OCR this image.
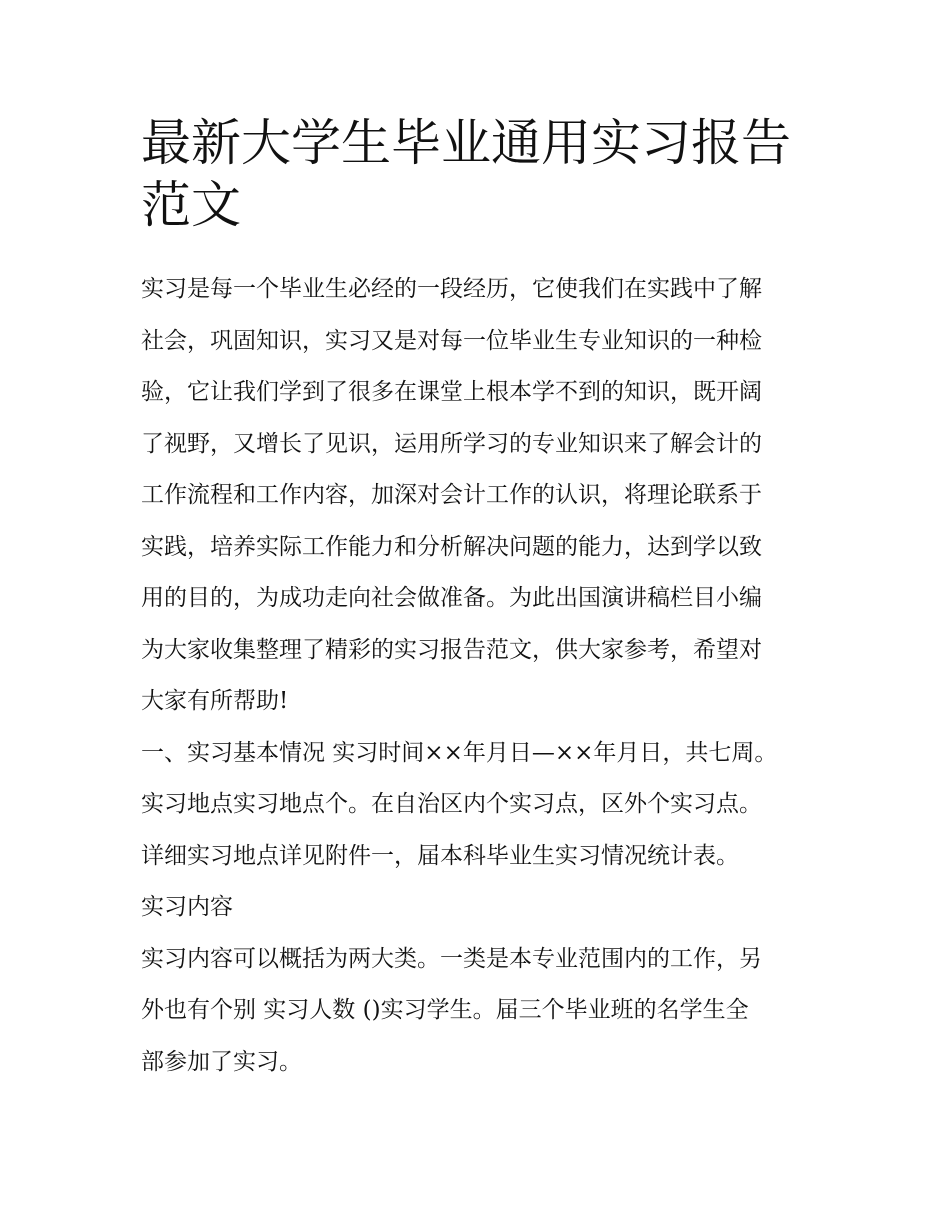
最新大学生毕业通用实习报告
范文

实习是每一个毕业生必经的一段经历，它使我们在实践中了解
社会，巩固知识，实习又是对每一位毕业生专业知识的一种检
验，它让我们学到了很多在课堂上根本学不到的知识，既开阔
了视野，又增长了见识，运用所学习的专业知识来了解会计的
工作流程和工作内容，加深对会计工作的认识，将理论联系于
实践，培养实际工作能力和分析解决问题的能力，达到学以致
用的目的，为成功走向社会做准备。为此出国演讲稿栏目小编
为大家收集整理了精彩的实习报告范文，供大家参考，希望对
大家有所帮助!

一、实习基本情况 实习时间××年月日—××年月日，共七周。
实习地点实习地点个。在自治区内个实习点，区外个实习点。
详细实习地点详见附件一，届本科毕业生实习情况统计表。

实习内容

实习内容可以概括为两大类。一类是本专业范围内的工作，另
外也有个别 实习人数 ()实习学生。届三个毕业班的名学生全
部参加了实习。
